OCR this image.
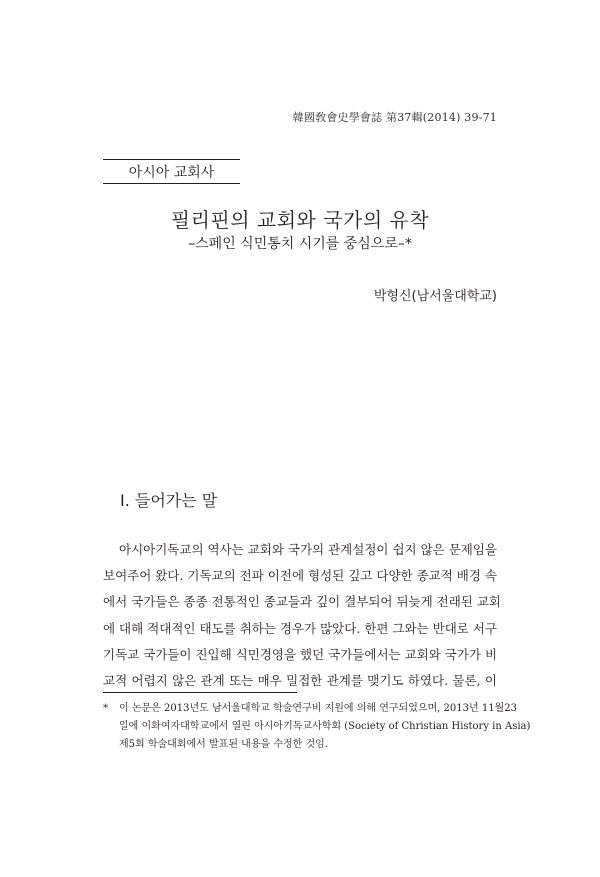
韓國敎會史學會誌 第37輯(2014) 39-71
아시아 교회사
필리핀의 교회와 국가의 유착
–스페인 식민통치 시기를 중심으로–*
박형신(남서울대학교)
Ⅰ. 들어가는 말
아시아기독교의 역사는 교회와 국가의 관계설정이 쉽지 않은 문제임을
보여주어 왔다. 기독교의 전파 이전에 형성된 깊고 다양한 종교적 배경 속
에서 국가들은 종종 전통적인 종교들과 깊이 결부되어 뒤늦게 전래된 교회
에 대해 적대적인 태도를 취하는 경우가 많았다. 한편 그와는 반대로 서구
기독교 국가들이 진입해 식민경영을 했던 국가들에서는 교회와 국가가 비
교적 어렵지 않은 관계 또는 매우 밀접한 관계를 맺기도 하였다. 물론, 이
* 이 논문은 2013년도 남서울대학교 학술연구비 지원에 의해 연구되었으며, 2013년 11월23
일에 이화여자대학교에서 열린 아시아기독교사학회 (Society of Christian History in Asia)
제5회 학술대회에서 발표된 내용을 수정한 것임.
